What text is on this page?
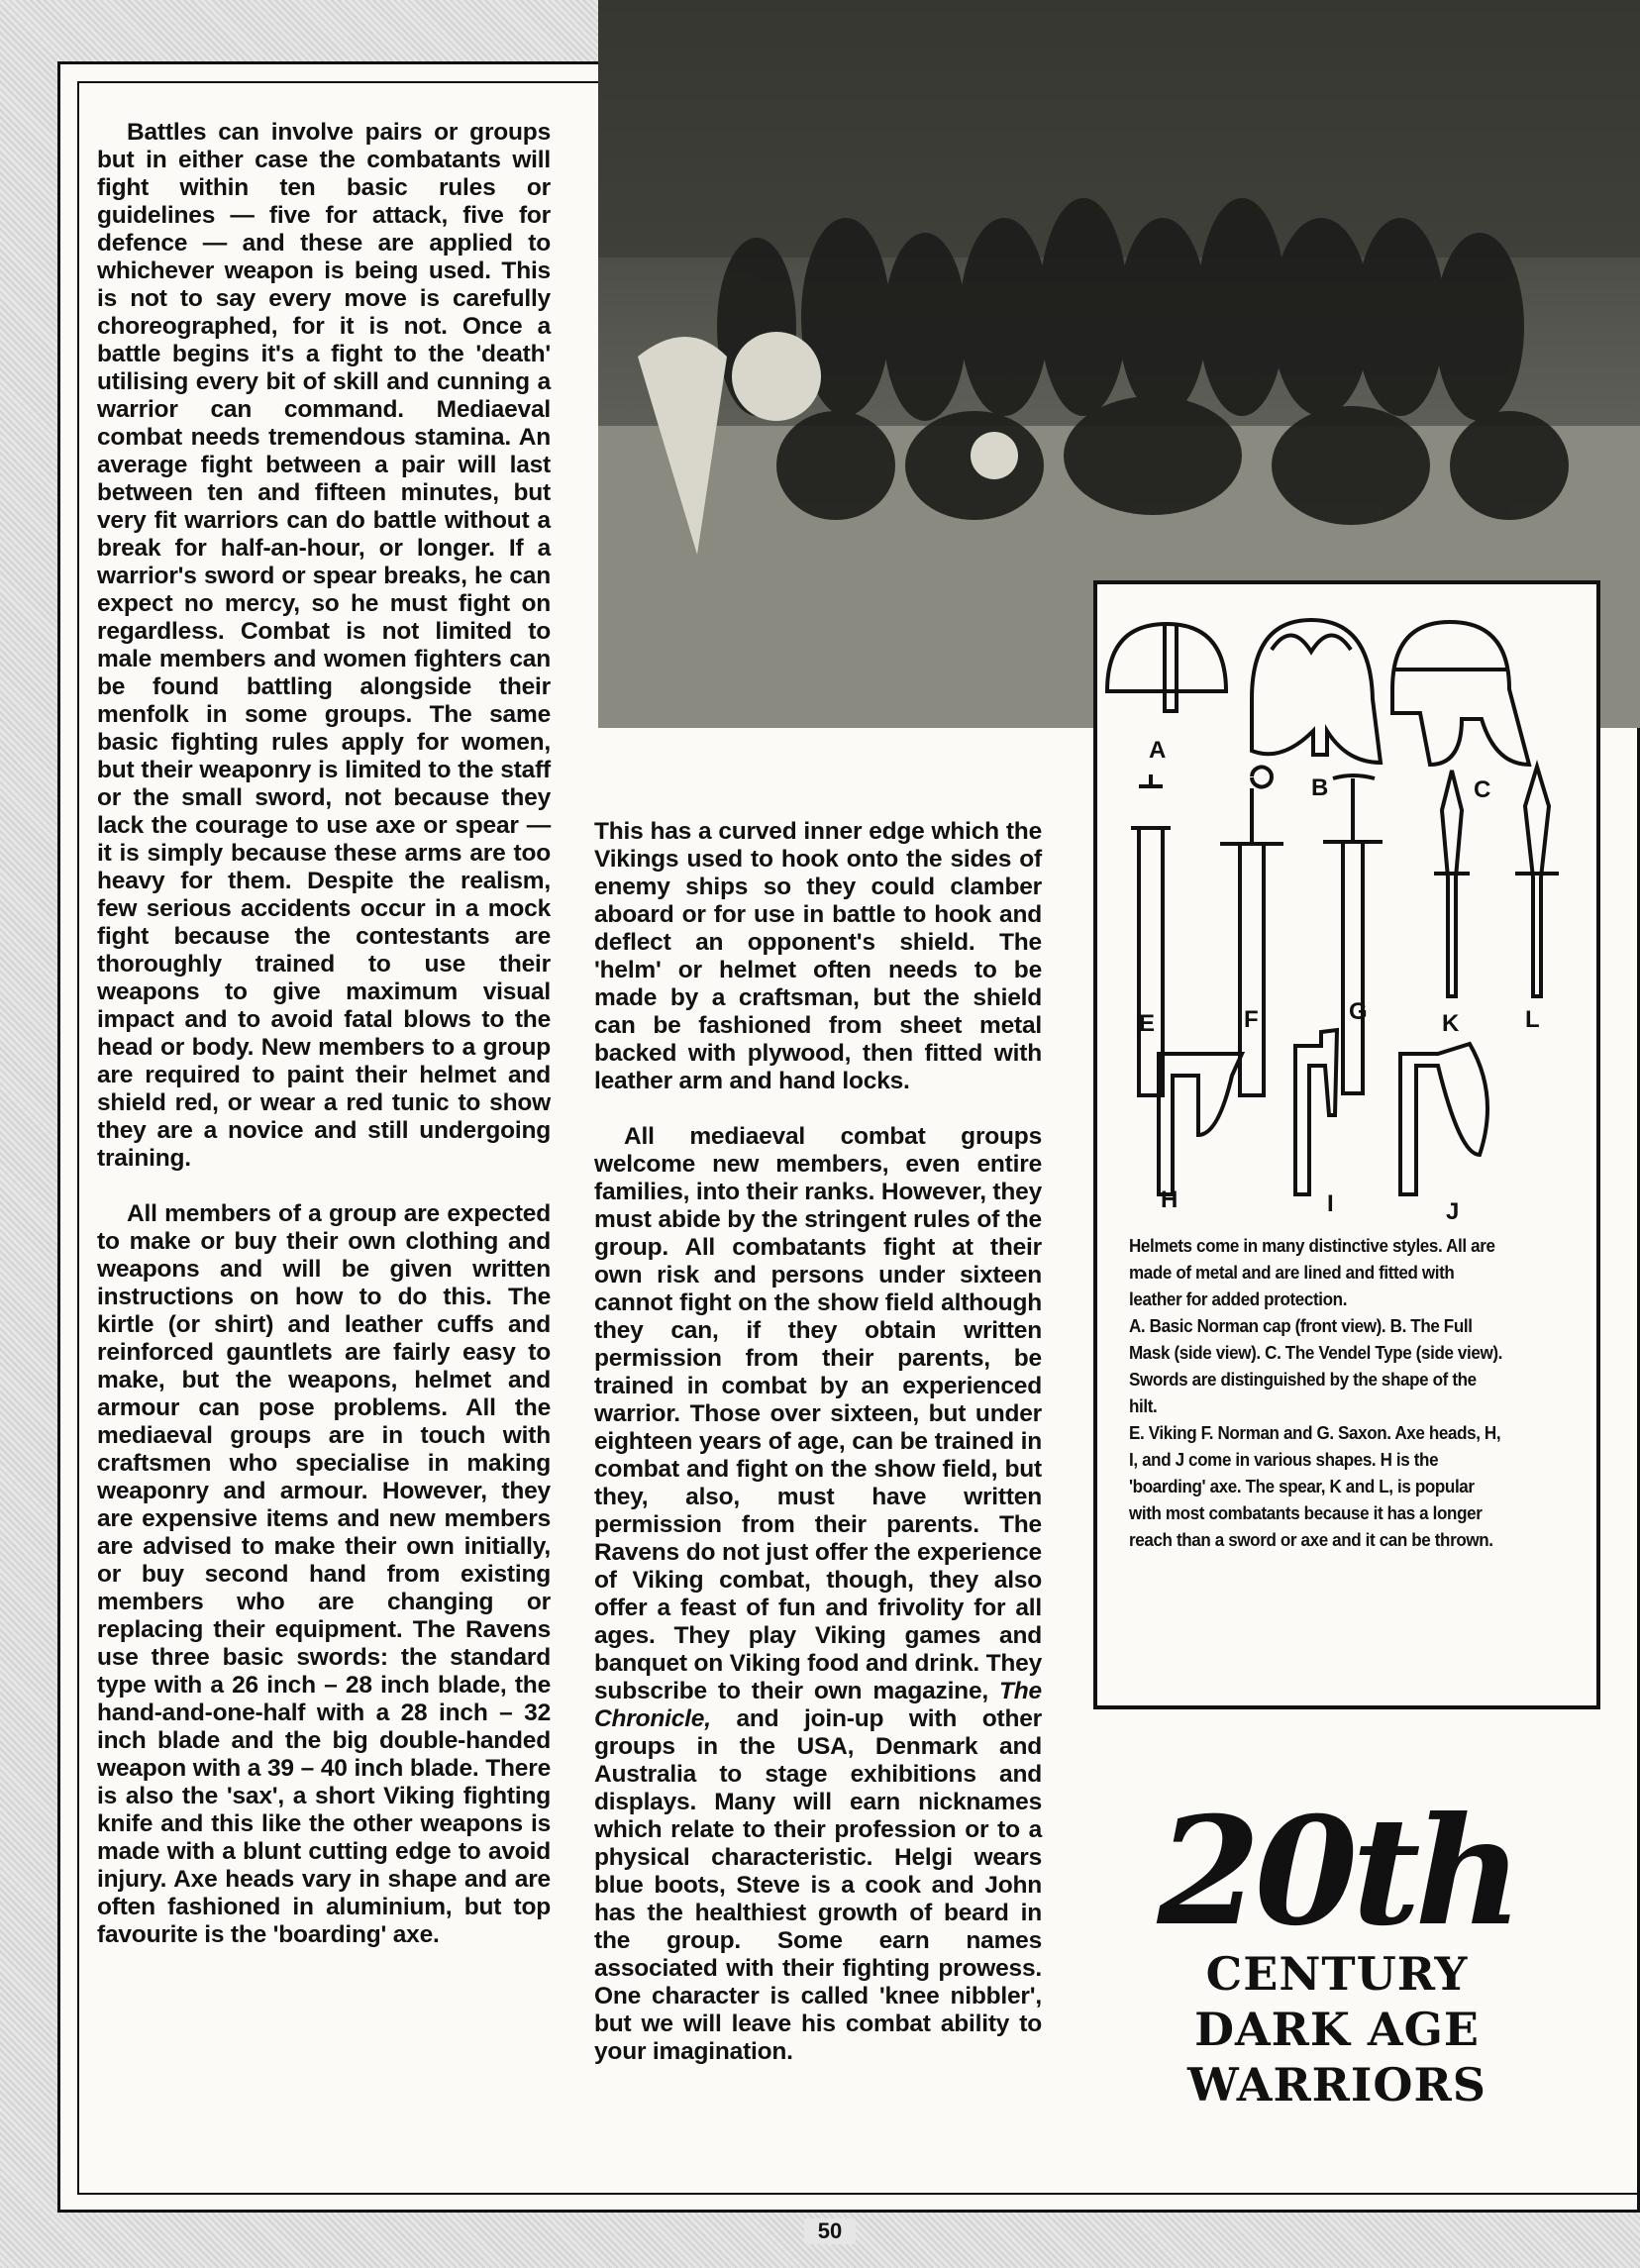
Battles can involve pairs or groups but in either case the combatants will fight within ten basic rules or guidelines — five for attack, five for defence — and these are applied to whichever weapon is being used. This is not to say every move is carefully choreographed, for it is not. Once a battle begins it's a fight to the 'death' utilising every bit of skill and cunning a warrior can command. Mediaeval combat needs tremendous stamina. An average fight between a pair will last between ten and fifteen minutes, but very fit warriors can do battle without a break for half-an-hour, or longer. If a warrior's sword or spear breaks, he can expect no mercy, so he must fight on regardless. Combat is not limited to male members and women fighters can be found battling alongside their menfolk in some groups. The same basic fighting rules apply for women, but their weaponry is limited to the staff or the small sword, not because they lack the courage to use axe or spear — it is simply because these arms are too heavy for them. Despite the realism, few serious accidents occur in a mock fight because the contestants are thoroughly trained to use their weapons to give maximum visual impact and to avoid fatal blows to the head or body. New members to a group are required to paint their helmet and shield red, or wear a red tunic to show they are a novice and still undergoing training.

All members of a group are expected to make or buy their own clothing and weapons and will be given written instructions on how to do this. The kirtle (or shirt) and leather cuffs and reinforced gauntlets are fairly easy to make, but the weapons, helmet and armour can pose problems. All the mediaeval groups are in touch with craftsmen who specialise in making weaponry and armour. However, they are expensive items and new members are advised to make their own initially, or buy second hand from existing members who are changing or replacing their equipment. The Ravens use three basic swords: the standard type with a 26 inch – 28 inch blade, the hand-and-one-half with a 28 inch – 32 inch blade and the big double-handed weapon with a 39 – 40 inch blade. There is also the 'sax', a short Viking fighting knife and this like the other weapons is made with a blunt cutting edge to avoid injury. Axe heads vary in shape and are often fashioned in aluminium, but top favourite is the 'boarding' axe.

This has a curved inner edge which the Vikings used to hook onto the sides of enemy ships so they could clamber aboard or for use in battle to hook and deflect an opponent's shield. The 'helm' or helmet often needs to be made by a craftsman, but the shield can be fashioned from sheet metal backed with plywood, then fitted with leather arm and hand locks.

All mediaeval combat groups welcome new members, even entire families, into their ranks. However, they must abide by the stringent rules of the group. All combatants fight at their own risk and persons under sixteen cannot fight on the show field although they can, if they obtain written permission from their parents, be trained in combat by an experienced warrior. Those over sixteen, but under eighteen years of age, can be trained in combat and fight on the show field, but they, also, must have written permission from their parents. The Ravens do not just offer the experience of Viking combat, though, they also offer a feast of fun and frivolity for all ages. They play Viking games and banquet on Viking food and drink. They subscribe to their own magazine, The Chronicle, and join-up with other groups in the USA, Denmark and Australia to stage exhibitions and displays. Many will earn nicknames which relate to their profession or to a physical characteristic. Helgi wears blue boots, Steve is a cook and John has the healthiest growth of beard in the group. Some earn names associated with their fighting prowess. One character is called 'knee nibbler', but we will leave his combat ability to your imagination.

A
B	C
E	F	G	K	L
H	I	J

Helmets come in many distinctive styles. All are made of metal and are lined and fitted with leather for added protection.

A. Basic Norman cap (front view). B. The Full Mask (side view). C. The Vendel Type (side view).

Swords are distinguished by the shape of the hilt.

E. Viking F. Norman and G. Saxon. Axe heads, H, I, and J come in various shapes. H is the 'boarding' axe. The spear, K and L, is popular with most combatants because it has a longer reach than a sword or axe and it can be thrown.

20th
CENTURY
DARK AGE
WARRIORS
50
